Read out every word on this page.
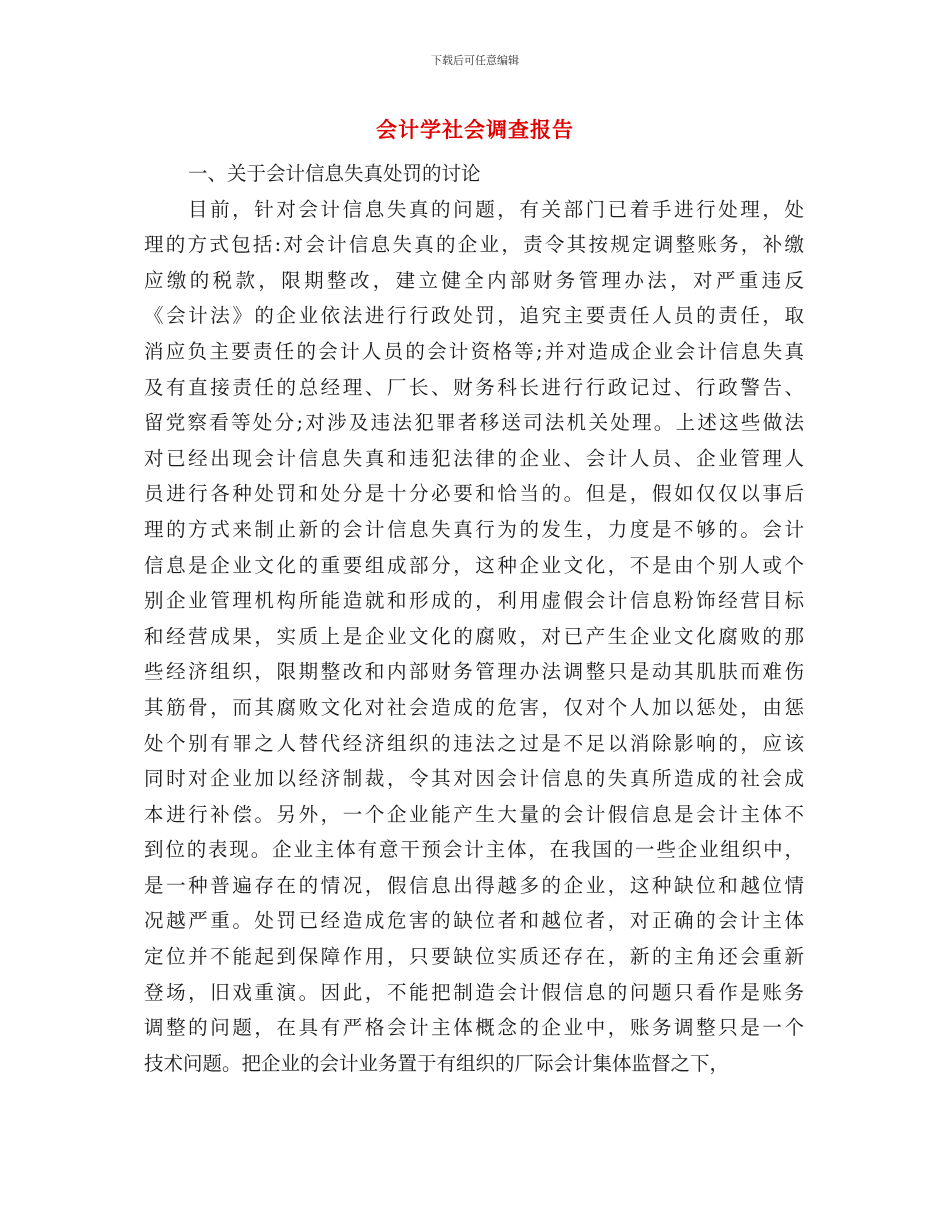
下载后可任意编辑
会计学社会调查报告
一、关于会计信息失真处罚的讨论
目前，针对会计信息失真的问题，有关部门已着手进行处理，处
理的方式包括:对会计信息失真的企业，责令其按规定调整账务，补缴
应缴的税款，限期整改，建立健全内部财务管理办法，对严重违反
《会计法》的企业依法进行行政处罚，追究主要责任人员的责任，取
消应负主要责任的会计人员的会计资格等;并对造成企业会计信息失真
及有直接责任的总经理、厂长、财务科长进行行政记过、行政警告、
留党察看等处分;对涉及违法犯罪者移送司法机关处理。上述这些做法
对已经出现会计信息失真和违犯法律的企业、会计人员、企业管理人
员进行各种处罚和处分是十分必要和恰当的。但是，假如仅仅以事后
理的方式来制止新的会计信息失真行为的发生，力度是不够的。会计
信息是企业文化的重要组成部分，这种企业文化，不是由个别人或个
别企业管理机构所能造就和形成的，利用虚假会计信息粉饰经营目标
和经营成果，实质上是企业文化的腐败，对已产生企业文化腐败的那
些经济组织，限期整改和内部财务管理办法调整只是动其肌肤而难伤
其筋骨，而其腐败文化对社会造成的危害，仅对个人加以惩处，由惩
处个别有罪之人替代经济组织的违法之过是不足以消除影响的，应该
同时对企业加以经济制裁，令其对因会计信息的失真所造成的社会成
本进行补偿。另外，一个企业能产生大量的会计假信息是会计主体不
到位的表现。企业主体有意干预会计主体，在我国的一些企业组织中，
是一种普遍存在的情况，假信息出得越多的企业，这种缺位和越位情
况越严重。处罚已经造成危害的缺位者和越位者，对正确的会计主体
定位并不能起到保障作用，只要缺位实质还存在，新的主角还会重新
登场，旧戏重演。因此，不能把制造会计假信息的问题只看作是账务
调整的问题，在具有严格会计主体概念的企业中，账务调整只是一个
技术问题。把企业的会计业务置于有组织的厂际会计集体监督之下，
